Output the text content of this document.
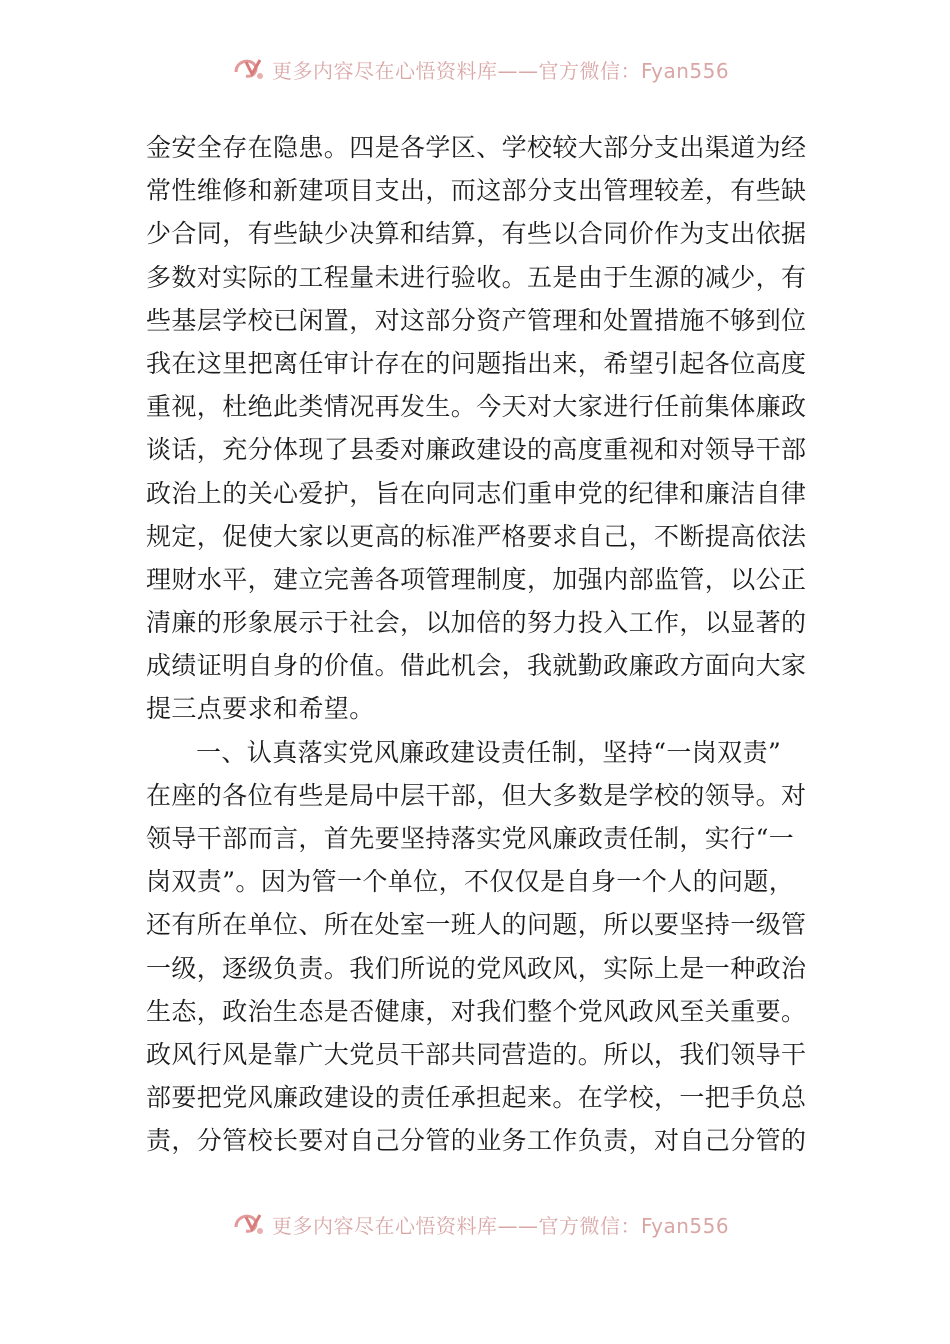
更多内容尽在心悟资料库——官方微信：Fyan556
金安全存在隐患。四是各学区、学校较大部分支出渠道为经
常性维修和新建项目支出，而这部分支出管理较差，有些缺
少合同，有些缺少决算和结算，有些以合同价作为支出依据
多数对实际的工程量未进行验收。五是由于生源的减少，有
些基层学校已闲置，对这部分资产管理和处置措施不够到位
我在这里把离任审计存在的问题指出来，希望引起各位高度
重视，杜绝此类情况再发生。今天对大家进行任前集体廉政
谈话，充分体现了县委对廉政建设的高度重视和对领导干部
政治上的关心爱护，旨在向同志们重申党的纪律和廉洁自律
规定，促使大家以更高的标准严格要求自己，不断提高依法
理财水平，建立完善各项管理制度，加强内部监管，以公正
清廉的形象展示于社会，以加倍的努力投入工作，以显著的
成绩证明自身的价值。借此机会，我就勤政廉政方面向大家
提三点要求和希望。
一、认真落实党风廉政建设责任制，坚持“一岗双责”
在座的各位有些是局中层干部，但大多数是学校的领导。对
领导干部而言，首先要坚持落实党风廉政责任制，实行“一
岗双责”。因为管一个单位，不仅仅是自身一个人的问题，
还有所在单位、所在处室一班人的问题，所以要坚持一级管
一级，逐级负责。我们所说的党风政风，实际上是一种政治
生态，政治生态是否健康，对我们整个党风政风至关重要。
政风行风是靠广大党员干部共同营造的。所以，我们领导干
部要把党风廉政建设的责任承担起来。在学校，一把手负总
责，分管校长要对自己分管的业务工作负责，对自己分管的
更多内容尽在心悟资料库——官方微信：Fyan556
